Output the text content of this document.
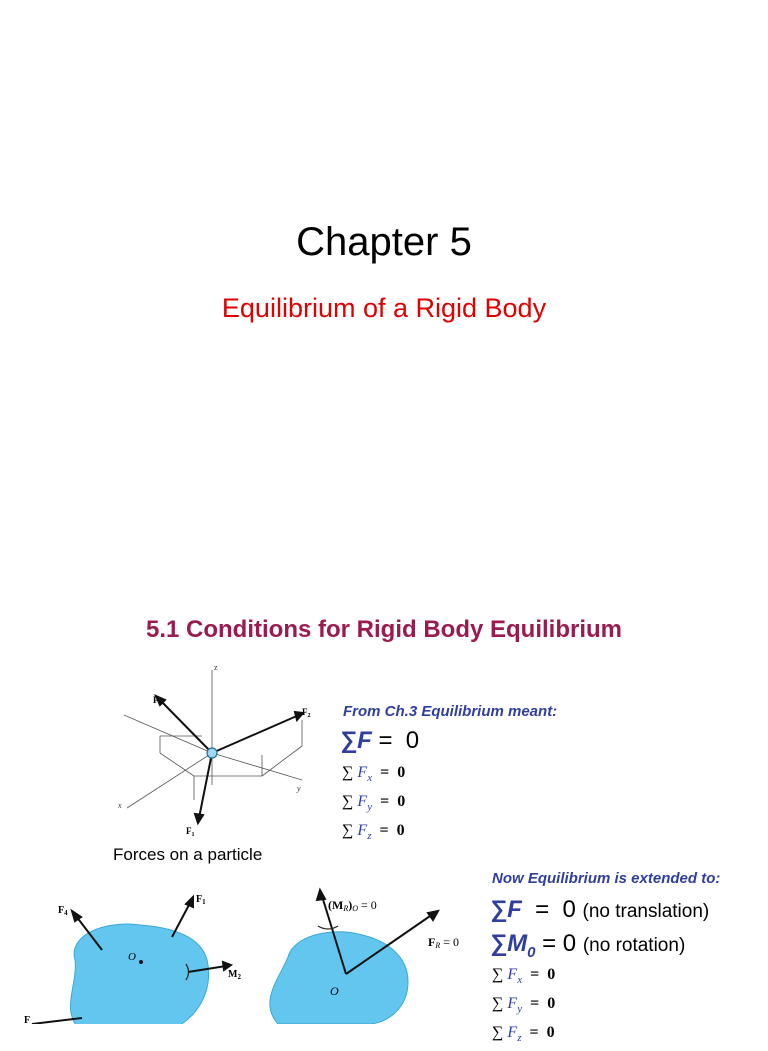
Chapter 5
Equilibrium of a Rigid Body
5.1 Conditions for Rigid Body Equilibrium
z
y
x
$F_3$
$F_2$
$F_1$
Forces on a particle
From Ch.3 Equilibrium meant:
∑F =  0
∑ $F_x = 0$
∑ $F_y = 0$
∑ $F_z = 0$
O
$F_4$
$F_1$
$M_2$
F
O
(MR)O = 0
FR = 0
Now Equilibrium is extended to:
∑F  =  0 (no translation)
$\sum M_0 = 0$ (no rotation)
∑ $F_x = 0$
∑ $F_y = 0$
∑ $F_z = 0$
